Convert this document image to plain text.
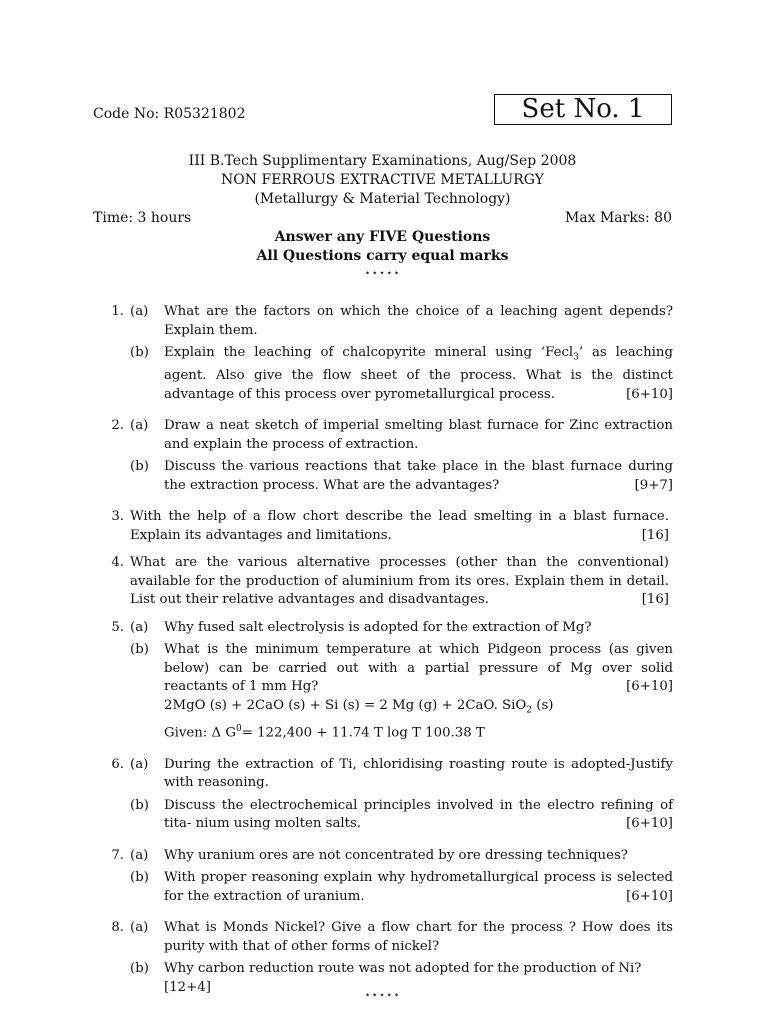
Code No: R05321802	Set No. 1
III B.Tech Supplimentary Examinations, Aug/Sep 2008
NON FERROUS EXTRACTIVE METALLURGY
(Metallurgy & Material Technology)
Time: 3 hours	Max Marks: 80
Answer any FIVE Questions
All Questions carry equal marks
⋆⋆⋆⋆⋆
1. (a)	What are the factors on which the choice of a leaching agent depends? Explain them.
(b)	Explain the leaching of chalcopyrite mineral using ‘Fecl$_3$’ as leaching agent. Also give the flow sheet of the process. What is the distinct advantage of this process over pyrometallurgical process.	[6+10]
2. (a)	Draw a neat sketch of imperial smelting blast furnace for Zinc extraction and explain the process of extraction.
(b)	Discuss the various reactions that take place in the blast furnace during the extraction process. What are the advantages?	[9+7]
3. With the help of a flow chort describe the lead smelting in a blast furnace. Explain its advantages and limitations.	[16]
4. What are the various alternative processes (other than the conventional) available for the production of aluminium from its ores. Explain them in detail. List out their relative advantages and disadvantages.	[16]
5. (a)	Why fused salt electrolysis is adopted for the extraction of Mg?
(b)	What is the minimum temperature at which Pidgeon process (as given below) can be carried out with a partial pressure of Mg over solid reactants of 1 mm Hg?	[6+10]
2MgO (s) + 2CaO (s) + Si (s) = 2 Mg (g) + 2CaO. SiO$_2$ (s)
Given: Δ $G^0= 122,400 + 11.74$ T log T 100.38 T
6. (a)	During the extraction of Ti, chloridising roasting route is adopted-Justify with reasoning.
(b)	Discuss the electrochemical principles involved in the electro refining of tita- nium using molten salts.	[6+10]
7. (a)	Why uranium ores are not concentrated by ore dressing techniques?
(b)	With proper reasoning explain why hydrometallurgical process is selected for the extraction of uranium.	[6+10]
8. (a)	What is Monds Nickel? Give a flow chart for the process ? How does its purity with that of other forms of nickel?
(b)	Why carbon reduction route was not adopted for the production of Ni?[12+4]
⋆⋆⋆⋆⋆
